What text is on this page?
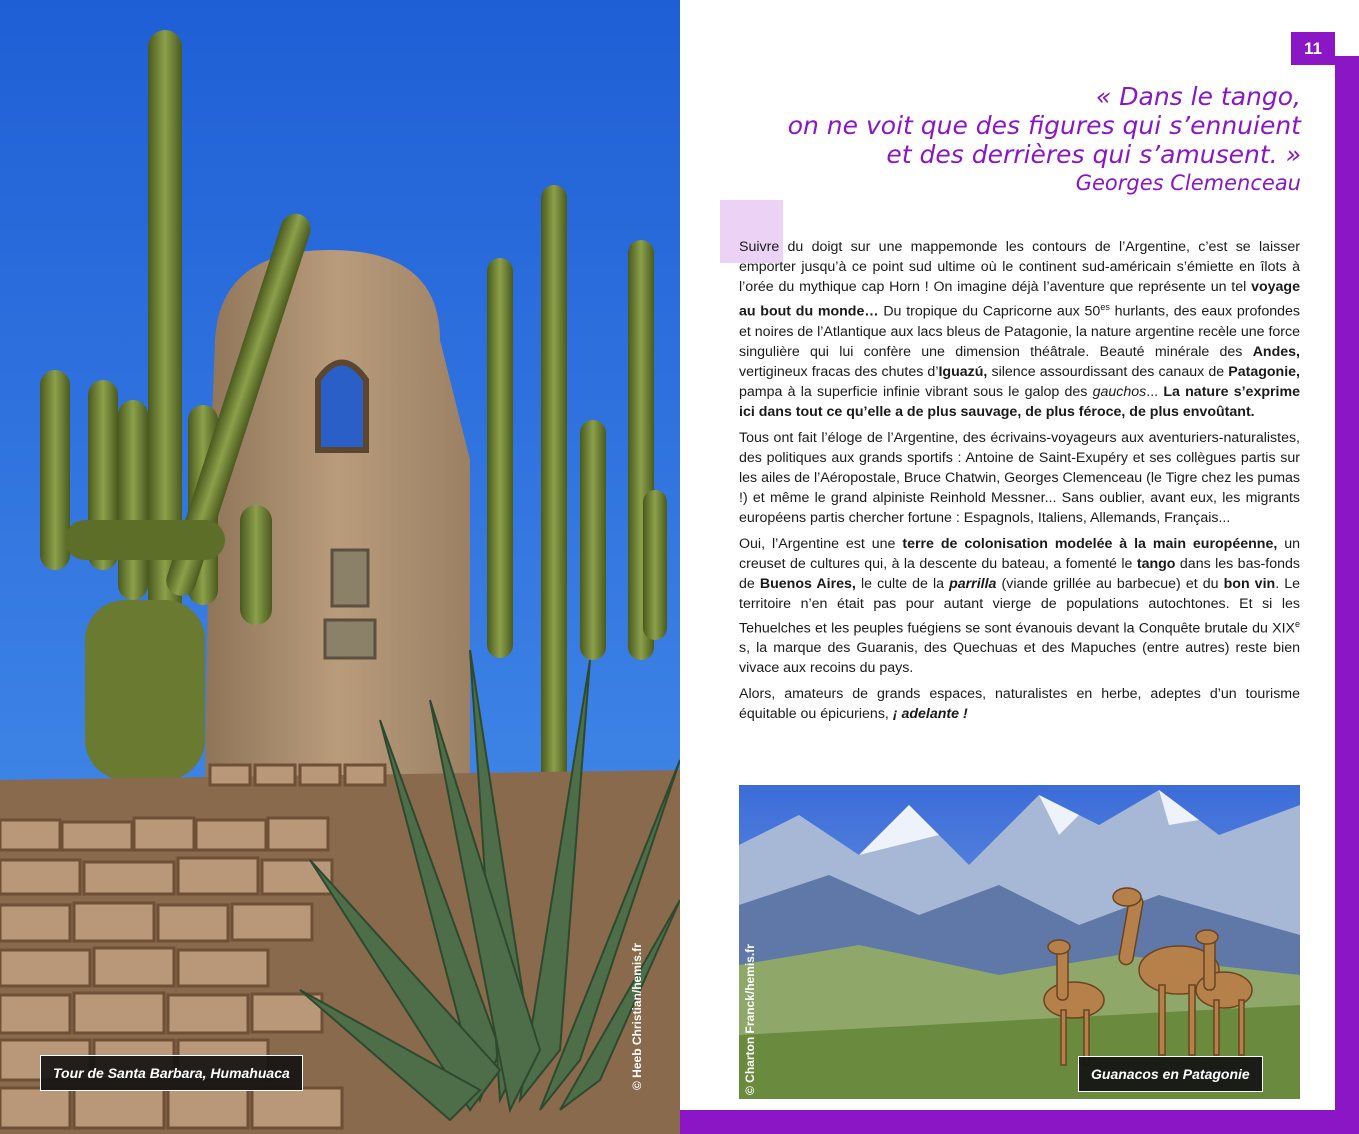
Tour de Santa Barbara, Humahuaca	© Heeb Christian/hemis.fr
11
« Dans le tango,
on ne voit que des figures qui s’ennuient
et des derrières qui s’amusent. »
Georges Clemenceau

Suivre du doigt sur une mappemonde les contours de l’Argentine, c’est se laisser emporter jusqu’à ce point sud ultime où le continent sud-américain s’émiette en îlots à l’orée du mythique cap Horn ! On imagine déjà l’aventure que représente un tel voyage au bout du monde… Du tropique du Capricorne aux $50^{es}$ hurlants, des eaux profondes et noires de l’Atlantique aux lacs bleus de Patagonie, la nature argentine recèle une force singulière qui lui confère une dimension théâtrale. Beauté minérale des Andes, vertigineux fracas des chutes d’Iguazú, silence assourdissant des canaux de Patagonie, pampa à la superficie infinie vibrant sous le galop des gauchos... La nature s’exprime ici dans tout ce qu’elle a de plus sauvage, de plus féroce, de plus envoûtant.

Tous ont fait l’éloge de l’Argentine, des écrivains-voyageurs aux aventuriers-naturalistes, des politiques aux grands sportifs : Antoine de Saint-Exupéry et ses collègues partis sur les ailes de l’Aéropostale, Bruce Chatwin, Georges Clemenceau (le Tigre chez les pumas !) et même le grand alpiniste Reinhold Messner... Sans oublier, avant eux, les migrants européens partis chercher fortune : Espagnols, Italiens, Allemands, Français...

Oui, l’Argentine est une terre de colonisation modelée à la main européenne, un creuset de cultures qui, à la descente du bateau, a fomenté le tango dans les bas-fonds de Buenos Aires, le culte de la parrilla (viande grillée au barbecue) et du bon vin. Le territoire n’en était pas pour autant vierge de populations autochtones. Et si les Tehuelches et les peuples fuégiens se sont évanouis devant la Conquête brutale du XIXe s, la marque des Guaranis, des Quechuas et des Mapuches (entre autres) reste bien vivace aux recoins du pays.

Alors, amateurs de grands espaces, naturalistes en herbe, adeptes d’un tourisme équitable ou épicuriens, ¡ adelante !

Guanacos en Patagonie
© Charton Franck/hemis.fr
